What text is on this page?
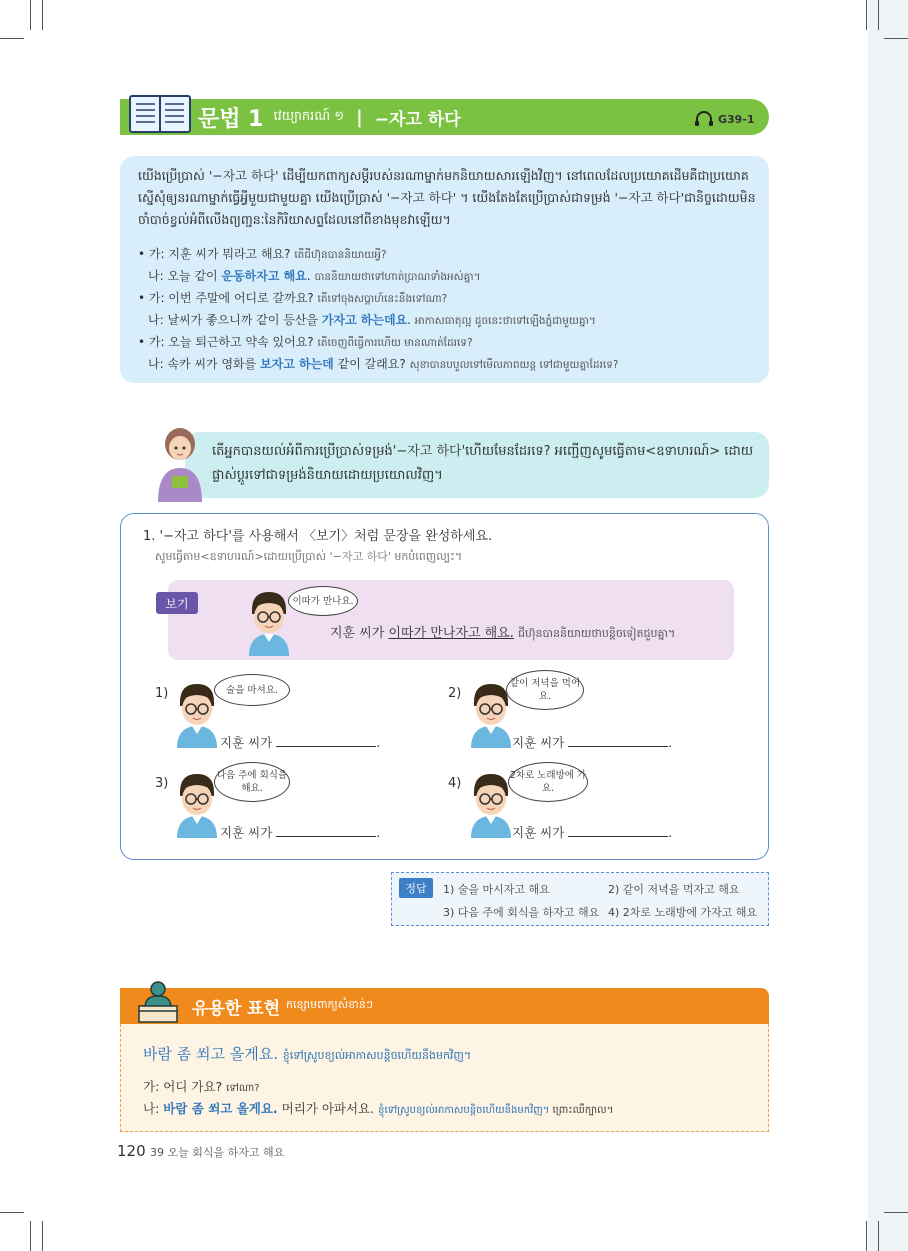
문법 1 វេយ្យាករណ៍ ១ | −자고 하다	G39-1
យើងប្រើប្រាស់ '−자고 하다' ដើម្បីយកពាក្យសម្ដីរបស់នរណាម្នាក់មកនិយាយសារឡើងវិញ។ នៅពេលដែលប្រយោគដើមគឺជាប្រយោគស្នើសុំឲ្យនរណាម្នាក់ធ្វើអ្វីមួយជាមួយគ្នា យើងប្រើប្រាស់ '−자고 하다' ។ យើងតែងតែប្រើប្រាស់ជាទម្រង់ '−자고 하다'ជានិច្ចដោយមិនចាំបាច់ខ្វល់អំពីលើងព្យញ្ជនៈនៃកិរិយាសព្ទដែលនៅពីខាងមុខវាឡើយ។
• 가: 지훈 씨가 뭐라고 해요? តើជីហ៊ុនបាននិយាយអ្វី?
나: 오늘 같이 운동하자고 해요. បាននិយាយថាទៅហាត់ប្រាណទាំងអស់គ្នា។
• 가: 이번 주말에 어디로 갈까요? តើទៅចុងសប្ដាហ៍នេះនឹងទៅណា?
나: 날씨가 좋으니까 같이 등산을 가자고 하는데요. អាកាសធាតុល្អ ដូចនេះថាទៅឡើងភ្នំជាមួយគ្នា។
• 가: 오늘 퇴근하고 약속 있어요? តើចេញពីធ្វើការហើយ មានណាត់ដែរទេ?
나: 속카 씨가 영화를 보자고 하는데 같이 갈래요? សុខាបានបបួលទៅមើលភាពយន្ត ទៅជាមួយគ្នាដែរទេ?
តើអ្នកបានយល់អំពីការប្រើប្រាស់ទម្រង់'−자고 하다'ហើយមែនដែរទេ? អញ្ជើញសូមធ្វើតាម<ឧទាហរណ៍> ដោយផ្លាស់ប្ដូរទៅជាទម្រង់និយាយដោយប្រយោលវិញ។
1. '−자고 하다'를 사용해서 〈보기〉처럼 문장을 완성하세요.
សូមធ្វើតាម<ឧទាហរណ៍>ដោយប្រើប្រាស់ '−자고 하다' មកបំពេញល្បះ។
보기	이따가 만나요.
지훈 씨가 이따가 만나자고 해요. ជីហ៊ុនបាននិយាយថាបន្តិចទៀតជួបគ្នា។
1)	술을 마셔요.
지훈 씨가	.
2)
같이 저녁을 먹어요.
지훈 씨가	.
3)
다음 주에 회식을 해요.
지훈 씨가	.
4)
2차로 노래방에 가요.
지훈 씨가	.
정답	1) 술을 마시자고 해요	2) 같이 저녁을 먹자고 해요
3) 다음 주에 회식을 하자고 해요 4) 2차로 노래방에 가자고 해요
유용한 표현 កន្សោមពាក្យសំខាន់ៗ
바람 좀 쐬고 올게요. ខ្ញុំទៅស្រូបខ្យល់អាកាសបន្តិចហើយនឹងមកវិញ។
가: 어디 가요? ទៅណា?
나: 바람 좀 쐬고 올게요. 머리가 아파서요. ខ្ញុំទៅស្រូបខ្យល់អាកាសបន្តិចហើយនឹងមកវិញ។ ព្រោះឈឺក្បាល។
120 39 오늘 회식을 하자고 해요
